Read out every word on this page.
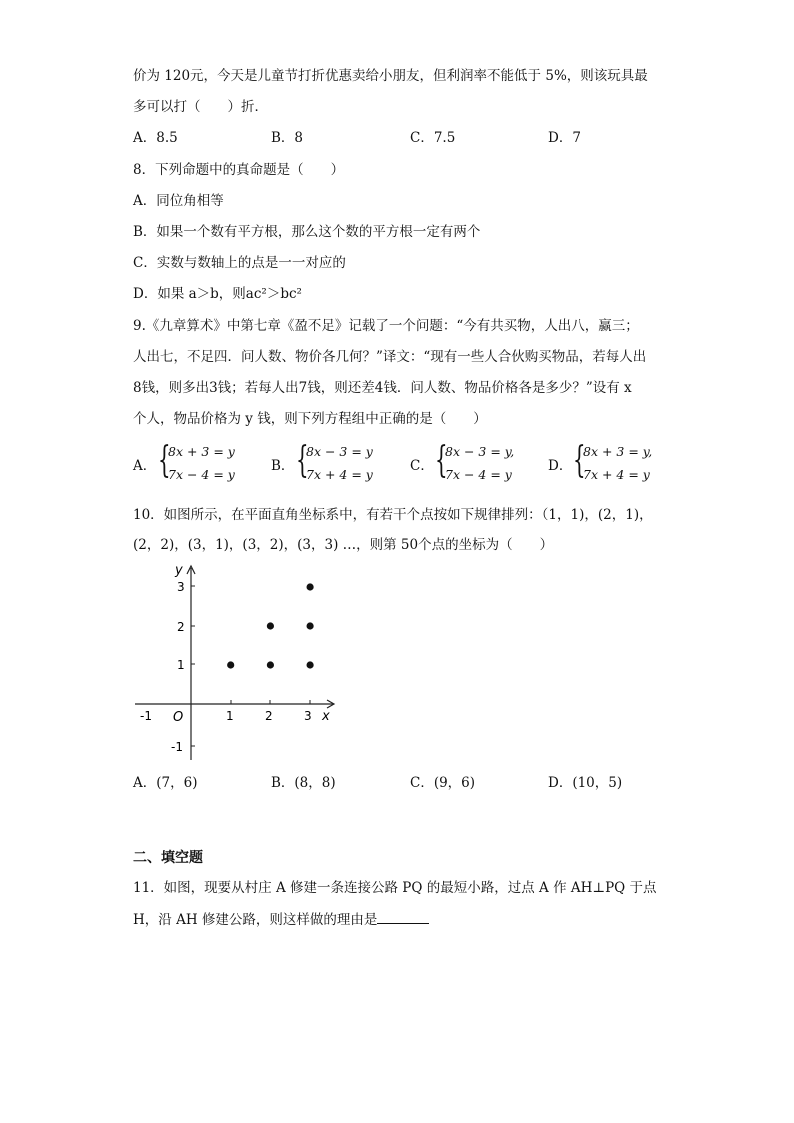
价为 120元，今天是儿童节打折优惠卖给小朋友，但利润率不能低于 5%，则该玩具最
多可以打（　　）折．
A．8.5	B．8	C．7.5	D．7
8．下列命题中的真命题是（　　）
A．同位角相等
B．如果一个数有平方根，那么这个数的平方根一定有两个
C．实数与数轴上的点是一一对应的
D．如果 a＞b，则ac²＞bc²
9.《九章算术》中第七章《盈不足》记载了一个问题：“今有共买物，人出八，赢三；
人出七，不足四．问人数、物价各几何？”译文：“现有一些人合伙购买物品，若每人出
8钱，则多出3钱；若每人出7钱，则还差4钱．问人数、物品价格各是多少？”设有 x
个人，物品价格为 y 钱，则下列方程组中正确的是（　　）
A． {
8x + 3 = y
7x − 4 = y
B． {
8x − 3 = y
7x + 4 = y
C． {
8x − 3 = y,
7x − 4 = y
D． {
8x + 3 = y,
7x + 4 = y
10．如图所示，在平面直角坐标系中，有若干个点按如下规律排列：（1，1)，(2，1)，
(2，2)，(3，1)，(3，2)，(3，3) …，则第 50个点的坐标为（　　）
y
x
O
-1	1	2	3
3
2
1
-1
A．(7，6)	B．(8，8)	C．(9，6)	D．(10，5)
二、填空题
11．如图，现要从村庄 A 修建一条连接公路 PQ 的最短小路，过点 A 作 AH⊥PQ 于点
H，沿 AH 修建公路，则这样做的理由是
